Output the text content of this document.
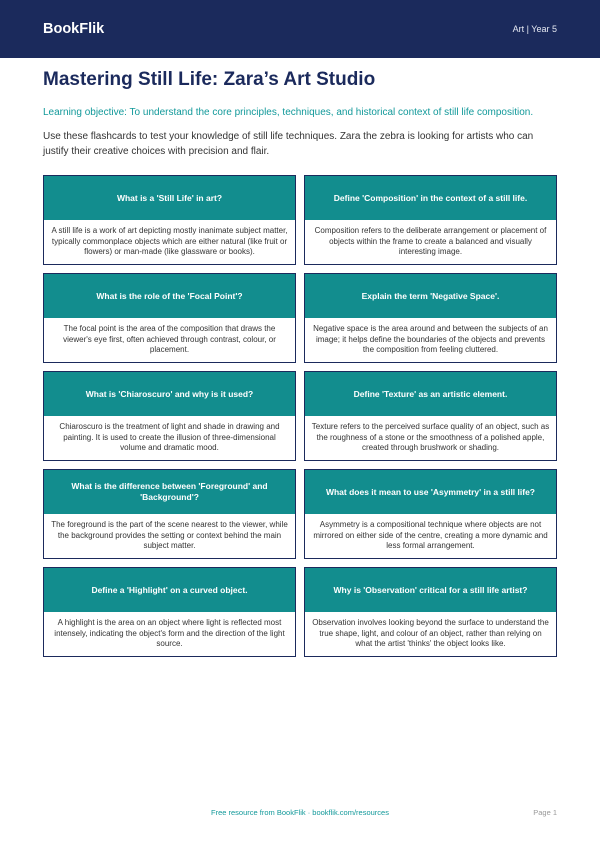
BookFlik	Art | Year 5
Mastering Still Life: Zara’s Art Studio

Learning objective: To understand the core principles, techniques, and historical context of still life composition.

Use these flashcards to test your knowledge of still life techniques. Zara the zebra is looking for artists who can justify their creative choices with precision and flair.

What is a 'Still Life' in art?
A still life is a work of art depicting mostly inanimate subject matter, typically commonplace objects which are either natural (like fruit or flowers) or man-made (like glassware or books).
Define 'Composition' in the context of a still life.
Composition refers to the deliberate arrangement or placement of objects within the frame to create a balanced and visually interesting image.
What is the role of the 'Focal Point'?
The focal point is the area of the composition that draws the viewer's eye first, often achieved through contrast, colour, or placement.
Explain the term 'Negative Space'.
Negative space is the area around and between the subjects of an image; it helps define the boundaries of the objects and prevents the composition from feeling cluttered.
What is 'Chiaroscuro' and why is it used?
Chiaroscuro is the treatment of light and shade in drawing and painting. It is used to create the illusion of three-dimensional volume and dramatic mood.
Define 'Texture' as an artistic element.
Texture refers to the perceived surface quality of an object, such as the roughness of a stone or the smoothness of a polished apple, created through brushwork or shading.
What is the difference between 'Foreground' and 'Background'?
The foreground is the part of the scene nearest to the viewer, while the background provides the setting or context behind the main subject matter.
What does it mean to use 'Asymmetry' in a still life?
Asymmetry is a compositional technique where objects are not mirrored on either side of the centre, creating a more dynamic and less formal arrangement.
Define a 'Highlight' on a curved object.
A highlight is the area on an object where light is reflected most intensely, indicating the object's form and the direction of the light source.
Why is 'Observation' critical for a still life artist?
Observation involves looking beyond the surface to understand the true shape, light, and colour of an object, rather than relying on what the artist 'thinks' the object looks like.
Free resource from BookFlik · bookflik.com/resources	Page 1
